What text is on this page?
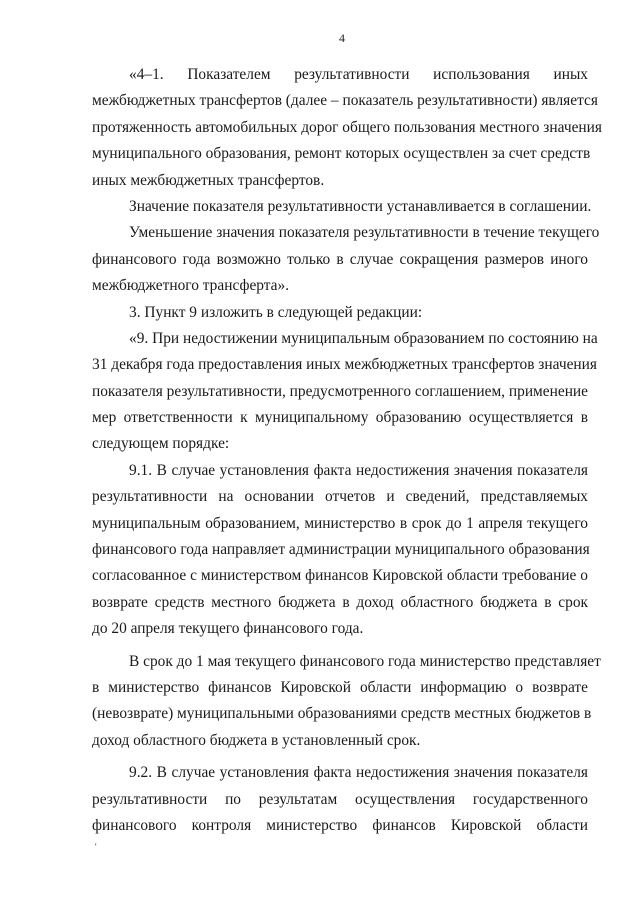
4
«4–1. Показателем результативности использования иных
межбюджетных трансфертов (далее – показатель результативности) является
протяженность автомобильных дорог общего пользования местного значения
муниципального образования, ремонт которых осуществлен за счет средств
иных межбюджетных трансфертов.
Значение показателя результативности устанавливается в соглашении.
Уменьшение значения показателя результативности в течение текущего
финансового года возможно только в случае сокращения размеров иного
межбюджетного трансферта».
3. Пункт 9 изложить в следующей редакции:
«9. При недостижении муниципальным образованием по состоянию на
31 декабря года предоставления иных межбюджетных трансфертов значения
показателя результативности, предусмотренного соглашением, применение
мер ответственности к муниципальному образованию осуществляется в
следующем порядке:
9.1. В случае установления факта недостижения значения показателя
результативности на основании отчетов и сведений, представляемых
муниципальным образованием, министерство в срок до 1 апреля текущего
финансового года направляет администрации муниципального образования
согласованное с министерством финансов Кировской области требование о
возврате средств местного бюджета в доход областного бюджета в срок
до 20 апреля текущего финансового года.
В срок до 1 мая текущего финансового года министерство представляет
в министерство финансов Кировской области информацию о возврате
(невозврате) муниципальными образованиями средств местных бюджетов в
доход областного бюджета в установленный срок.
9.2. В случае установления факта недостижения значения показателя
результативности по результатам осуществления государственного
финансового контроля министерство финансов Кировской области
ʻ
